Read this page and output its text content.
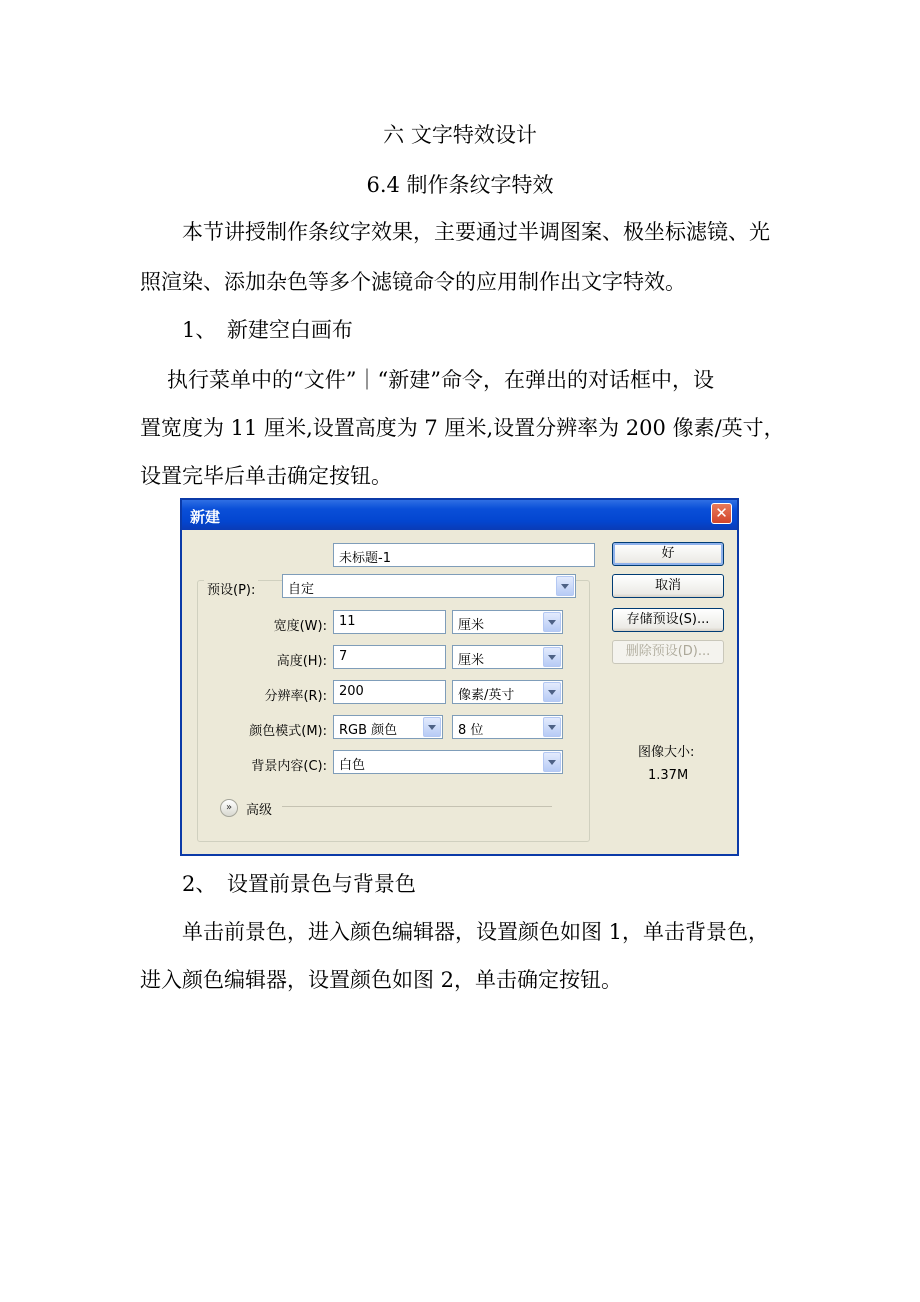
六 文字特效设计
6.4 制作条纹字特效
本节讲授制作条纹字效果，主要通过半调图案、极坐标滤镜、光
照渲染、添加杂色等多个滤镜命令的应用制作出文字特效。
1、　新建空白画布
执行菜单中的“文件”｜“新建”命令，在弹出的对话框中，设
置宽度为 11 厘米,设置高度为 7 厘米,设置分辨率为 200 像素/英寸，
设置完毕后单击确定按钮。
新建	✕
未标题-1
预设(P):	自定
宽度(W): 11	厘米
高度(H): 7	厘米
分辨率(R): 200	像素/英寸
颜色模式(M): RGB 颜色	8 位
背景内容(C): 白色
»	高级
好
取消
存储预设(S)...
删除预设(D)...
图像大小:
1.37M
2、　设置前景色与背景色
单击前景色，进入颜色编辑器，设置颜色如图 1，单击背景色，
进入颜色编辑器，设置颜色如图 2，单击确定按钮。
